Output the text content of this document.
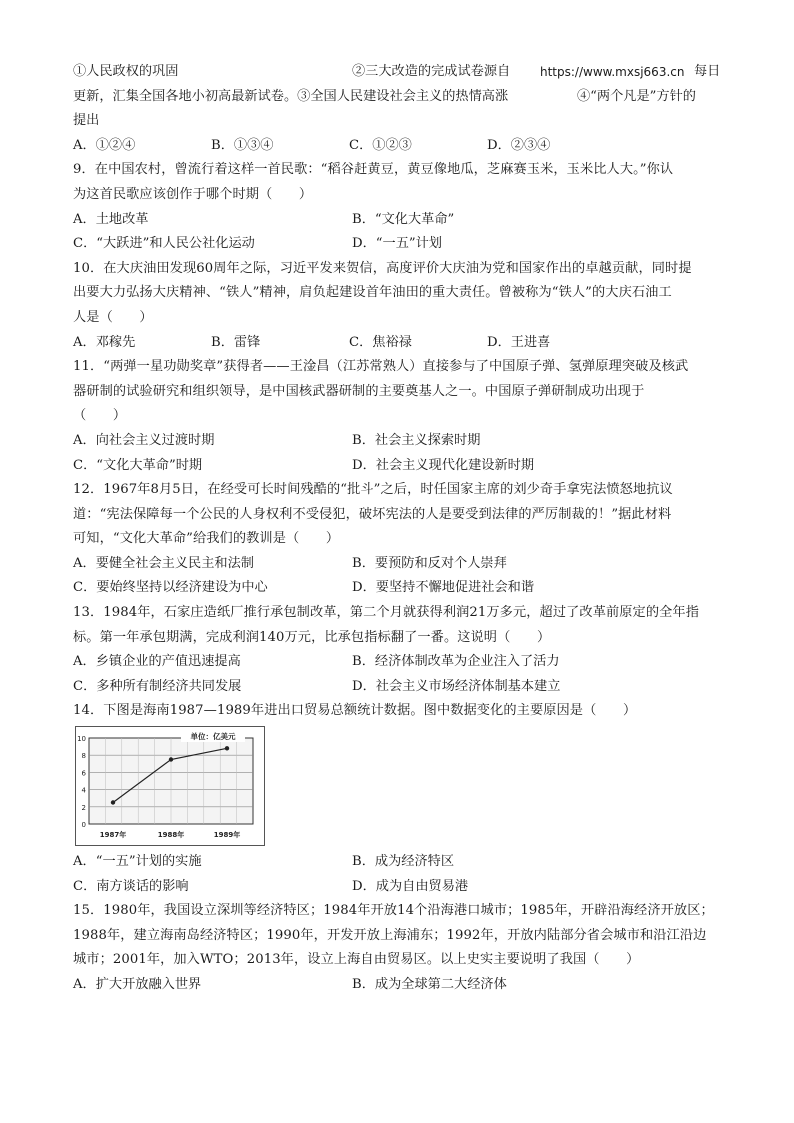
①人民政权的巩固	②三大改造的完成试卷源自 https://www.mxsj663.cn 每日
更新，汇集全国各地小初高最新试卷。③全国人民建设社会主义的热情高涨	④“两个凡是”方针的
提出
A．①②④	B．①③④	C．①②③	D．②③④
9．在中国农村，曾流行着这样一首民歌：“稻谷赶黄豆，黄豆像地瓜，芝麻赛玉米，玉米比人大。”你认
为这首民歌应该创作于哪个时期（　　）
A．土地改革	B．“文化大革命”
C．“大跃进”和人民公社化运动	D．“一五”计划
10．在大庆油田发现60周年之际，习近平发来贺信，高度评价大庆油为党和国家作出的卓越贡献，同时提
出要大力弘扬大庆精神、“铁人”精神，肩负起建设首年油田的重大责任。曾被称为“铁人”的大庆石油工
人是（　　）
A．邓稼先	B．雷锋	C．焦裕禄	D．王进喜
11．“两弹一星功勋奖章”获得者——王淦昌（江苏常熟人）直接参与了中国原子弹、氢弹原理突破及核武
器研制的试验研究和组织领导，是中国核武器研制的主要奠基人之一。中国原子弹研制成功出现于
（　　）
A．向社会主义过渡时期	B．社会主义探索时期
C．“文化大革命”时期	D．社会主义现代化建设新时期
12．1967年8月5日，在经受可长时间残酷的“批斗”之后，时任国家主席的刘少奇手拿宪法愤怒地抗议
道：“宪法保障每一个公民的人身权利不受侵犯，破坏宪法的人是要受到法律的严厉制裁的！”据此材料
可知，“文化大革命”给我们的教训是（　　）
A．要健全社会主义民主和法制	B．要预防和反对个人崇拜
C．要始终坚持以经济建设为中心	D．要坚持不懈地促进社会和谐
13．1984年，石家庄造纸厂推行承包制改革，第二个月就获得利润21万多元，超过了改革前原定的全年指
标。第一年承包期满，完成利润140万元，比承包指标翻了一番。这说明（　　）
A．乡镇企业的产值迅速提高	B．经济体制改革为企业注入了活力
C．多种所有制经济共同发展	D．社会主义市场经济体制基本建立
14．下图是海南1987—1989年进出口贸易总额统计数据。图中数据变化的主要原因是（　　）
0
2
4
6
8
10	单位：亿美元
1987年	1988年	1989年
A．“一五”计划的实施	B．成为经济特区
C．南方谈话的影响	D．成为自由贸易港
15．1980年，我国设立深圳等经济特区；1984年开放14个沿海港口城市；1985年，开辟沿海经济开放区；
1988年，建立海南岛经济特区；1990年，开发开放上海浦东；1992年，开放内陆部分省会城市和沿江沿边
城市；2001年，加入WTO；2013年，设立上海自由贸易区。以上史实主要说明了我国（　　）
A．扩大开放融入世界	B．成为全球第二大经济体
